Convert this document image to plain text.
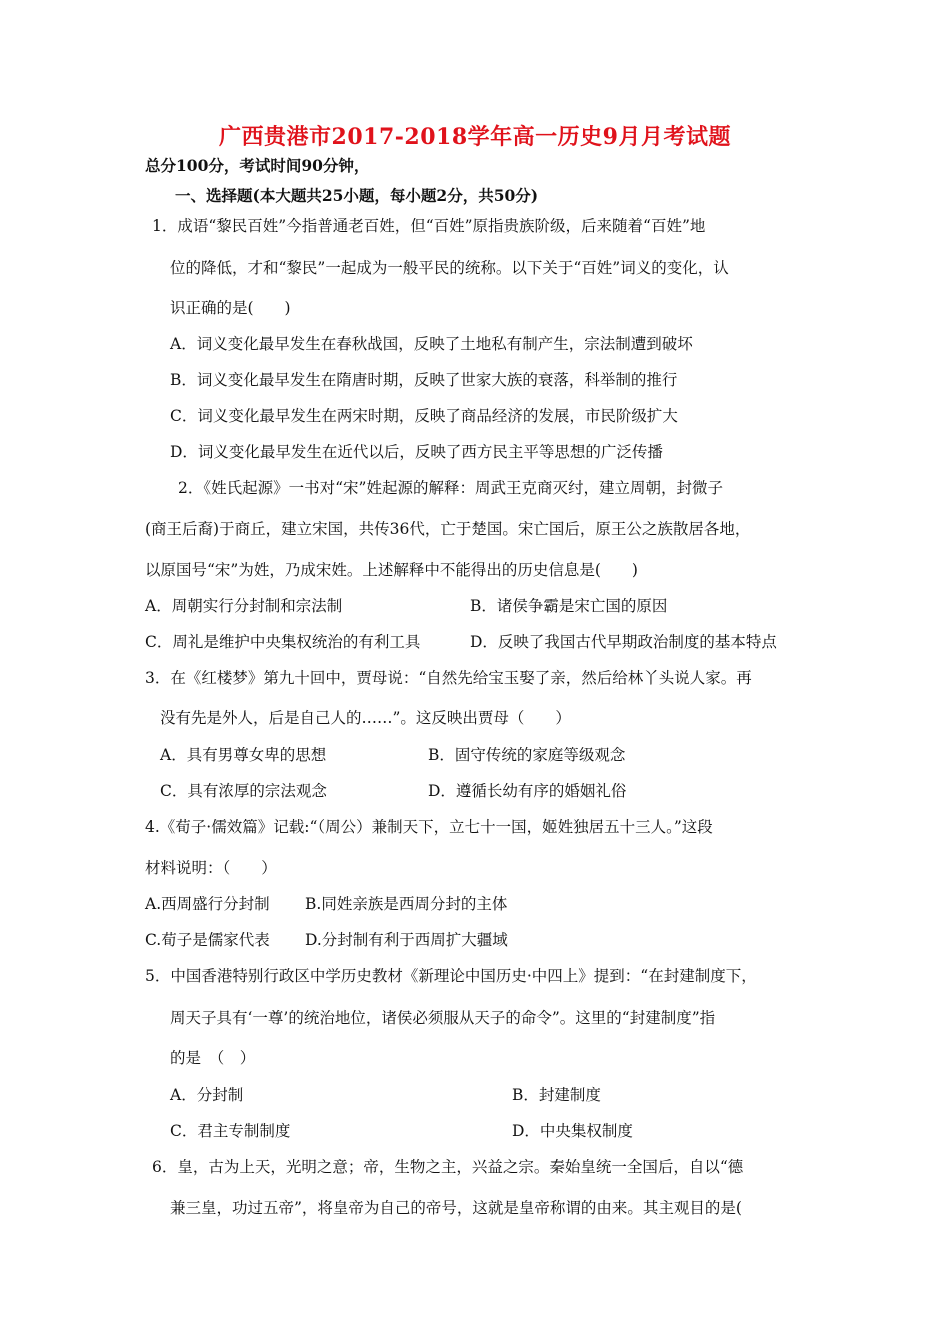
广西贵港市2017-2018学年高一历史9月月考试题
总分100分，考试时间90分钟，
一、选择题(本大题共25小题，每小题2分，共50分)
1．成语“黎民百姓”今指普通老百姓，但“百姓”原指贵族阶级，后来随着“百姓”地
位的降低，才和“黎民”一起成为一般平民的统称。以下关于“百姓”词义的变化，认
识正确的是(　　)
A．词义变化最早发生在春秋战国，反映了土地私有制产生，宗法制遭到破坏
B．词义变化最早发生在隋唐时期，反映了世家大族的衰落，科举制的推行
C．词义变化最早发生在两宋时期，反映了商品经济的发展，市民阶级扩大
D．词义变化最早发生在近代以后，反映了西方民主平等思想的广泛传播
2．《姓氏起源》一书对“宋”姓起源的解释：周武王克商灭纣，建立周朝，封微子
(商王后裔)于商丘，建立宋国，共传36代，亡于楚国。宋亡国后，原王公之族散居各地，
以原国号“宋”为姓，乃成宋姓。上述解释中不能得出的历史信息是(　　)
A．周朝实行分封制和宗法制	B．诸侯争霸是宋亡国的原因
C．周礼是维护中央集权统治的有利工具	D．反映了我国古代早期政治制度的基本特点
3．在《红楼梦》第九十回中，贾母说：“自然先给宝玉娶了亲，然后给林丫头说人家。再
没有先是外人，后是自己人的……”。这反映出贾母（　　）
A．具有男尊女卑的思想	B．固守传统的家庭等级观念
C．具有浓厚的宗法观念	D．遵循长幼有序的婚姻礼俗
4.《荀子·儒效篇》记载:“（周公）兼制天下，立七十一国，姬姓独居五十三人。”这段
材料说明：（　　）
A.西周盛行分封制 B.同姓亲族是西周分封的主体
C.荀子是儒家代表 D.分封制有利于西周扩大疆域
5．中国香港特别行政区中学历史教材《新理论中国历史·中四上》提到：“在封建制度下，
周天子具有‘一尊’的统治地位，诸侯必须服从天子的命令”。这里的“封建制度”指
的是　（　）
A．分封制	B．封建制度
C．君主专制制度	D．中央集权制度
6．皇，古为上天，光明之意；帝，生物之主，兴益之宗。秦始皇统一全国后，自以“德
兼三皇，功过五帝”，将皇帝为自己的帝号，这就是皇帝称谓的由来。其主观目的是(
